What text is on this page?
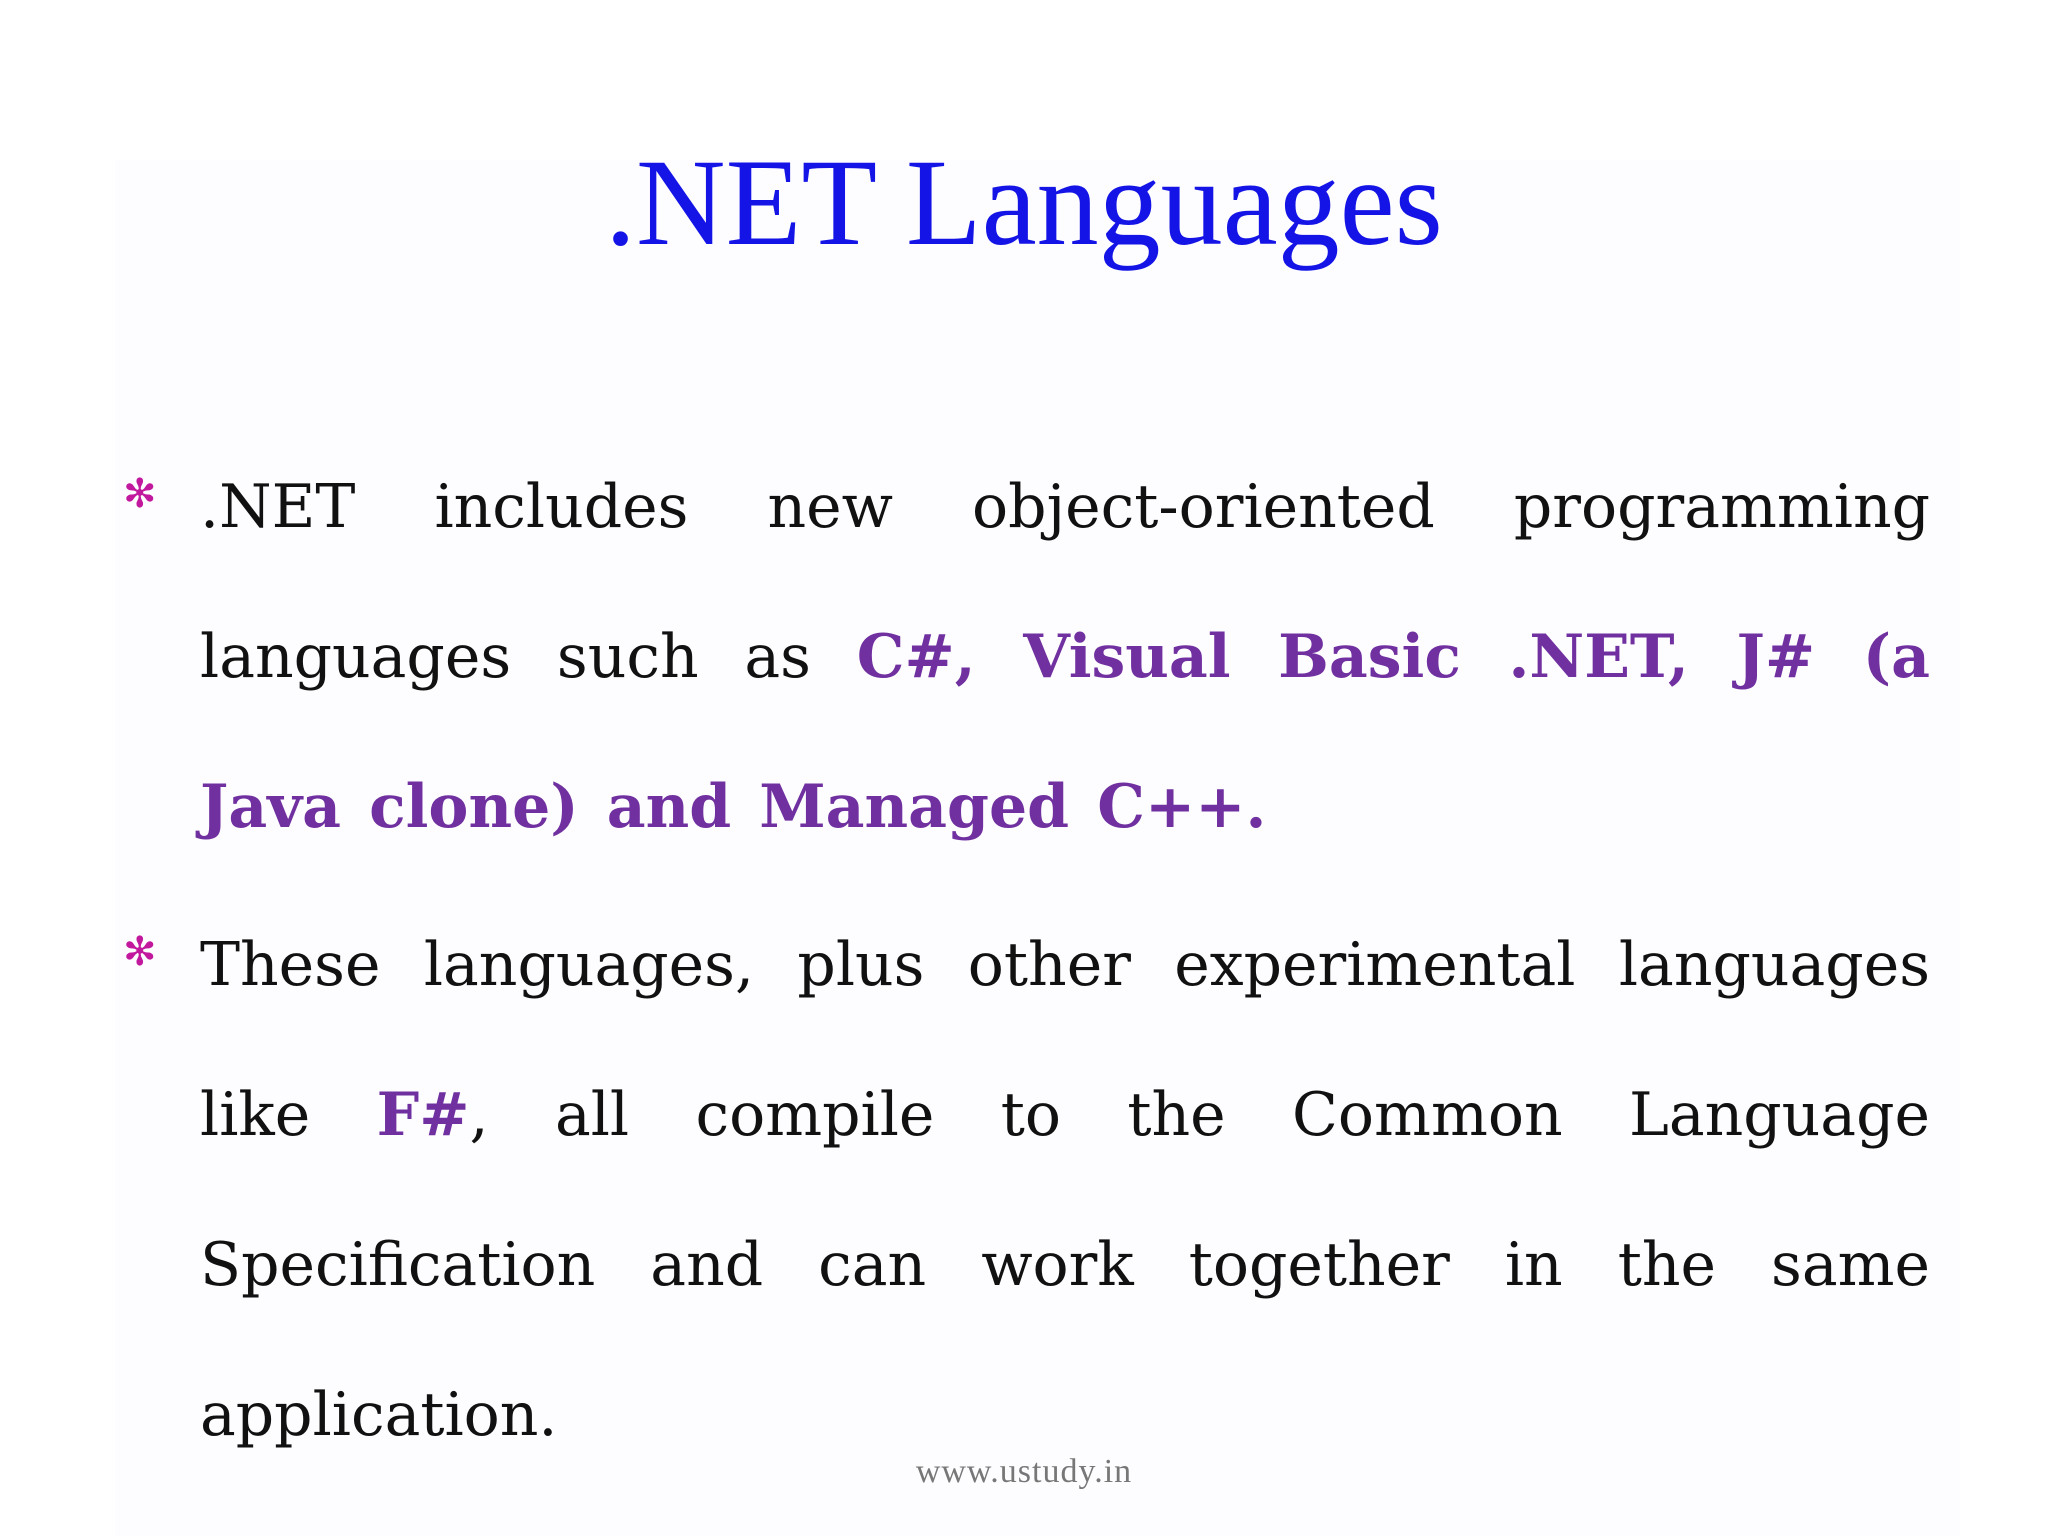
.NET Languages
✻ .NET includes new object-oriented programming languages such as C#, Visual Basic .NET, J# (a Java clone) and Managed C++.
✻ These languages, plus other experimental languages like F#, all compile to the Common Language Specification and can work together in the same application.
www.ustudy.in
